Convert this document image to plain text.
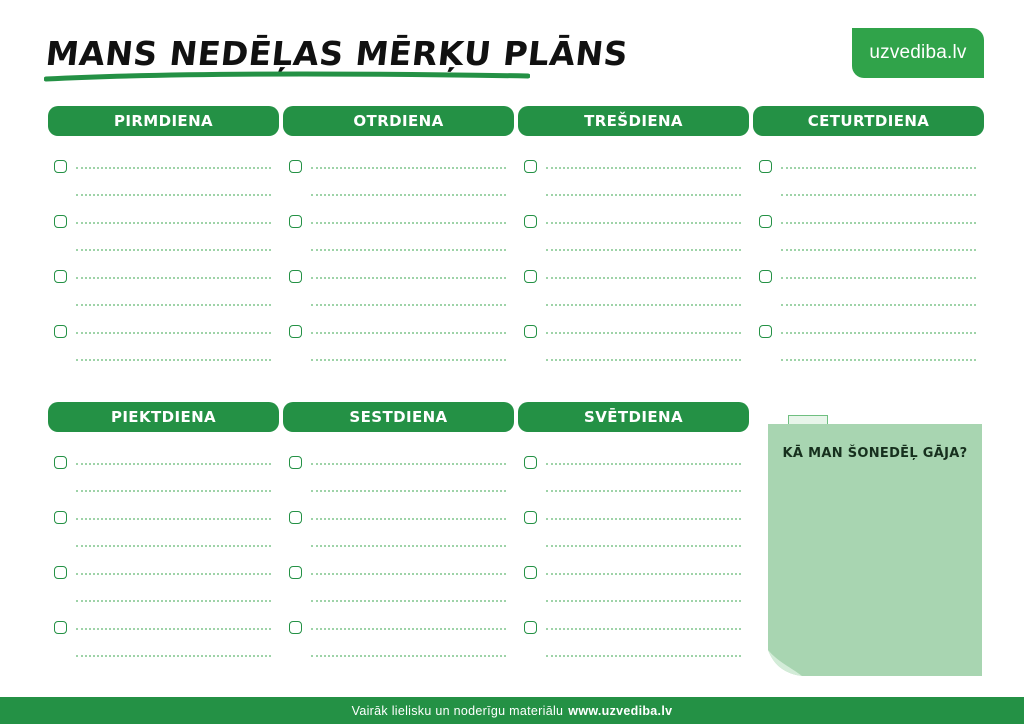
MANS NEDĒĻAS MĒRĶU PLĀNS	uzvediba.lv
PIRMDIENA	OTRDIENA	TREŠDIENA	CETURTDIENA
PIEKTDIENA	SESTDIENA	SVĒTDIENA
KĀ MAN ŠONEDĒĻ GĀJA?
Vairāk lielisku un noderīgu materiālu www.uzvediba.lv
